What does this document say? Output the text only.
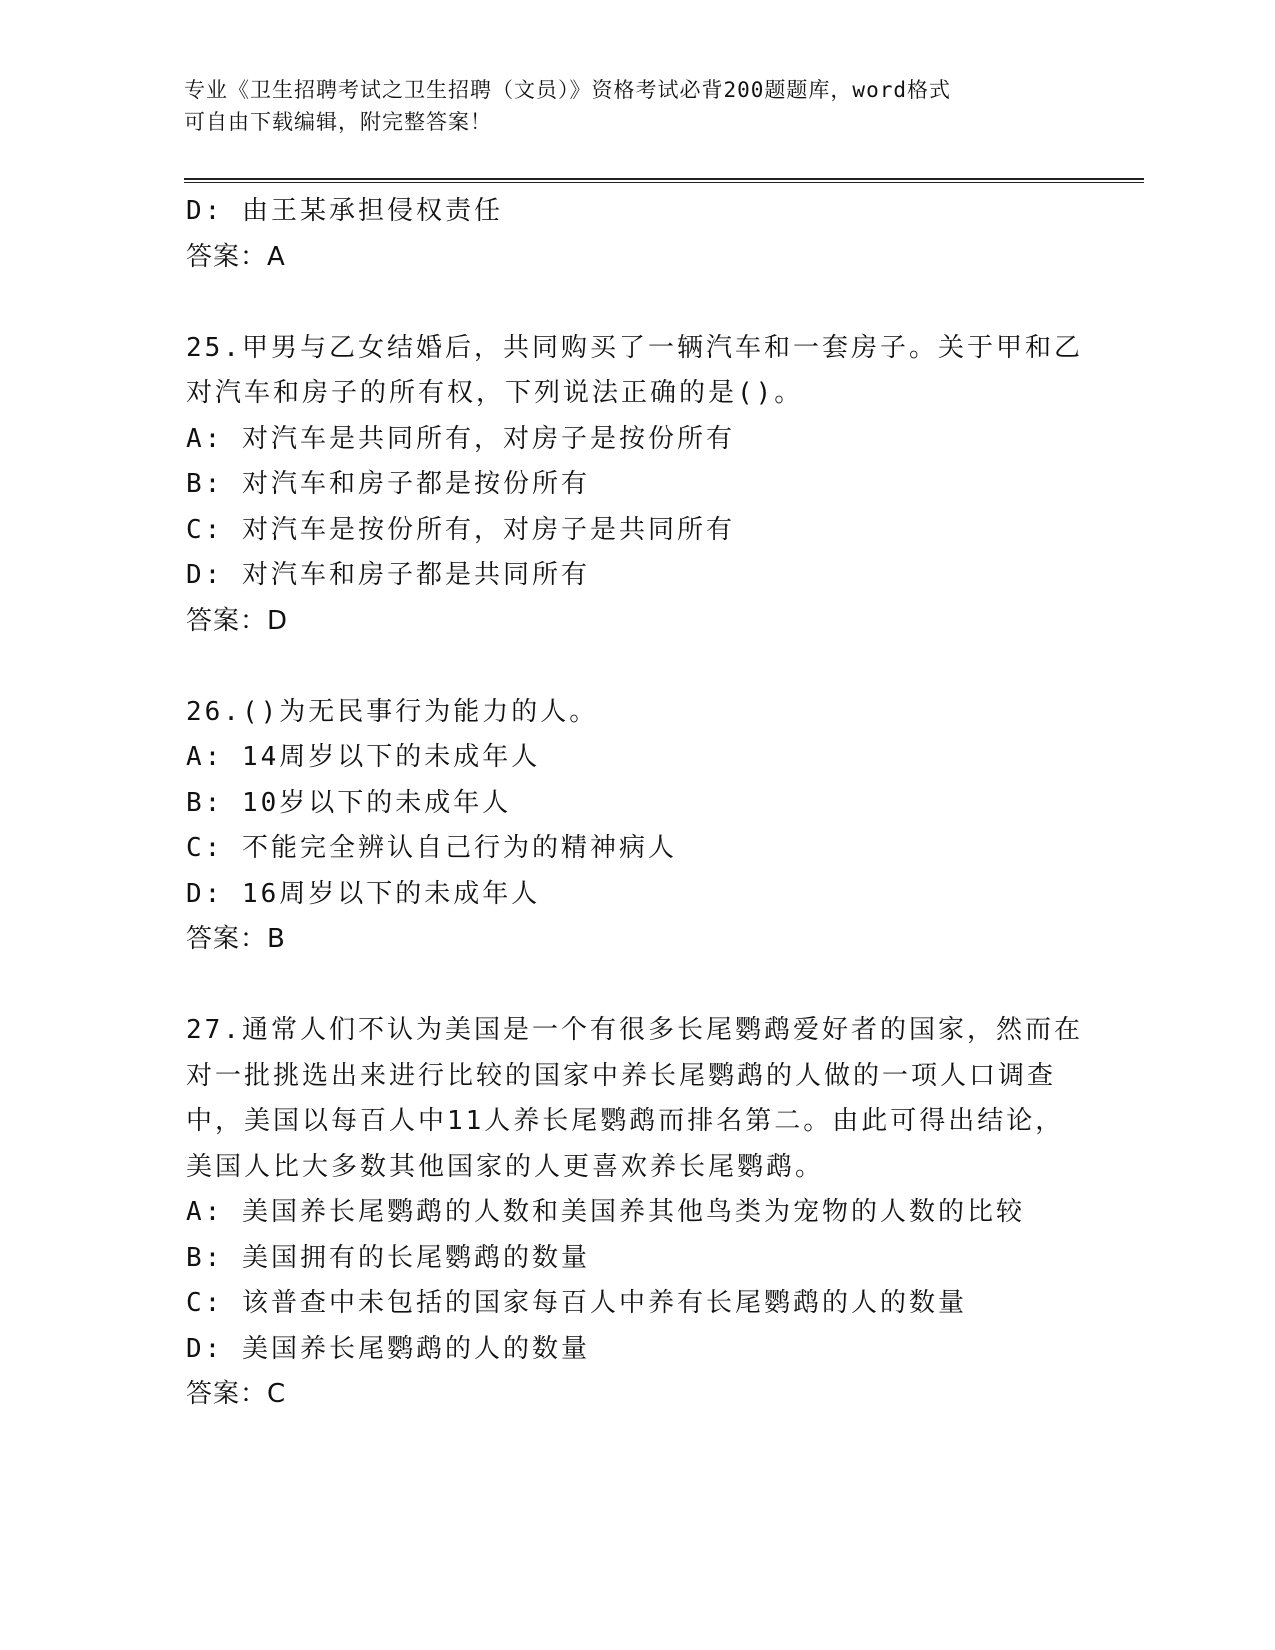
专业《卫生招聘考试之卫生招聘（文员）》资格考试必背200题题库，word格式
可自由下载编辑，附完整答案！
D: 由王某承担侵权责任
答案：A
25.甲男与乙女结婚后，共同购买了一辆汽车和一套房子。关于甲和乙
对汽车和房子的所有权，下列说法正确的是()。
A: 对汽车是共同所有，对房子是按份所有
B: 对汽车和房子都是按份所有
C: 对汽车是按份所有，对房子是共同所有
D: 对汽车和房子都是共同所有
答案：D
26.()为无民事行为能力的人。
A: 14周岁以下的未成年人
B: 10岁以下的未成年人
C: 不能完全辨认自己行为的精神病人
D: 16周岁以下的未成年人
答案：B
27.通常人们不认为美国是一个有很多长尾鹦鹉爱好者的国家，然而在
对一批挑选出来进行比较的国家中养长尾鹦鹉的人做的一项人口调查
中，美国以每百人中11人养长尾鹦鹉而排名第二。由此可得出结论，
美国人比大多数其他国家的人更喜欢养长尾鹦鹉。
A: 美国养长尾鹦鹉的人数和美国养其他鸟类为宠物的人数的比较
B: 美国拥有的长尾鹦鹉的数量
C: 该普查中未包括的国家每百人中养有长尾鹦鹉的人的数量
D: 美国养长尾鹦鹉的人的数量
答案：C
